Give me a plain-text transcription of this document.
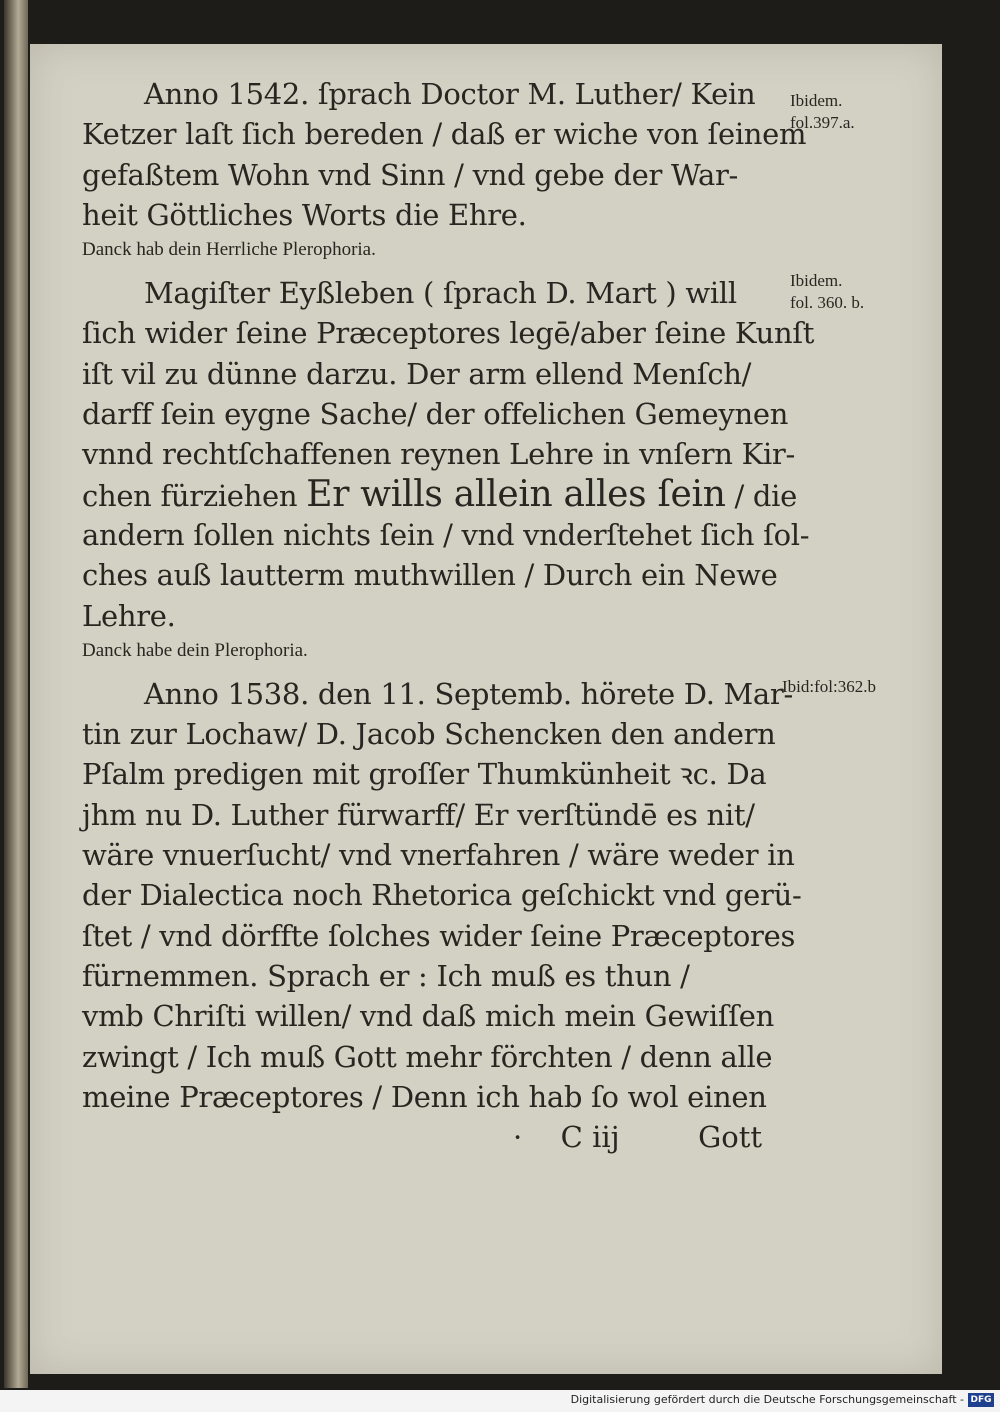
Anno 1542. ſprach Doctor M. Luther/ Kein
Ketzer laſt ſich bereden / daß er wiche von ſeinem
gefaßtem Wohn vnd Sinn / vnd gebe der War-
heit Göttliches Worts die Ehre.
Danck hab dein Herrliche Plerophoria.
Magiſter Eyßleben ( ſprach D. Mart ) will
ſich wider ſeine Præceptores legē/aber ſeine Kunſt
iſt vil zu dünne darzu. Der arm ellend Menſch/
darff ſein eygne Sache/ der offelichen Gemeynen
vnnd rechtſchaffenen reynen Lehre in vnſern Kir-
chen fürziehen Er wills allein alles ſein / die
andern ſollen nichts ſein / vnd vnderſtehet ſich ſol-
ches auß lautterm muthwillen / Durch ein Newe
Lehre.
Danck habe dein Plerophoria.
Anno 1538. den 11. Septemb. hörete D. Mar-
tin zur Lochaw/ D. Jacob Schencken den andern
Pſalm predigen mit groſſer Thumkünheit ꝛc. Da
jhm nu D. Luther fürwarff/ Er verſtündē es nit/
wäre vnuerſucht/ vnd vnerfahren / wäre weder in
der Dialectica noch Rhetorica geſchickt vnd gerü-
ſtet / vnd dörffte ſolches wider ſeine Præceptores
fürnemmen. Sprach er : Ich muß es thun /
vmb Chriſti willen/ vnd daß mich mein Gewiſſen
zwingt / Ich muß Gott mehr förchten / denn alle
meine Præceptores / Denn ich hab ſo wol einen
· C iij	Gott
Ibidem.
fol.397.a.
Ibidem.
fol. 360. b.
Ibid:fol:362.b
Digitalisierung gefördert durch die Deutsche Forschungsgemeinschaft - DFG
